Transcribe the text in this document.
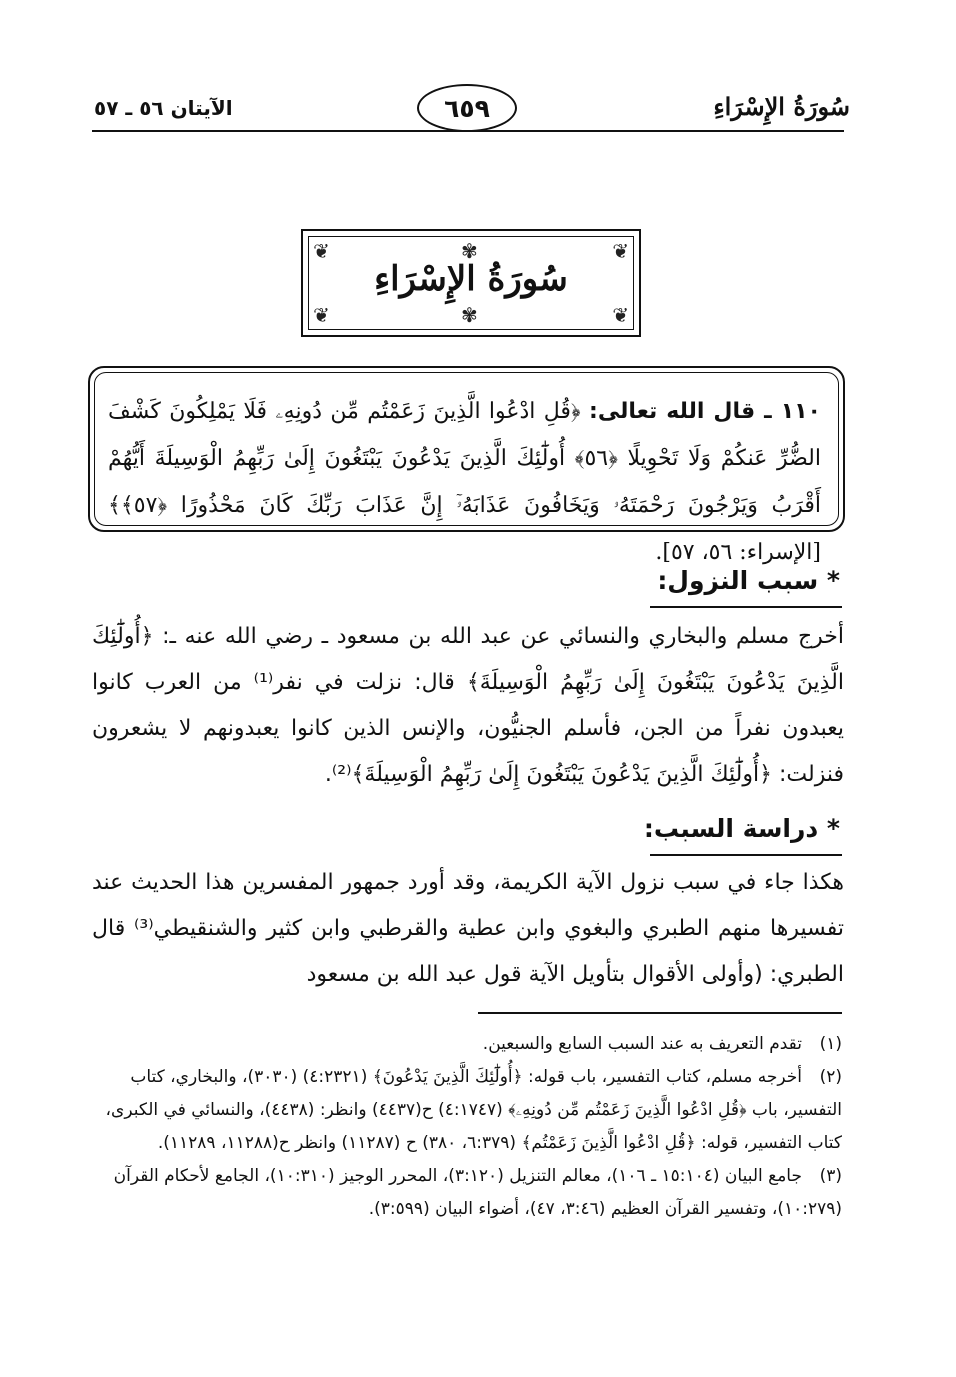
سُورَةُ الإِسْرَاءِ
٦٥٩
الآيتان ٥٦ ـ ٥٧
❦	❦
❦	❦
✾
✾
سُورَةُ الإِسْرَاءِ
١١٠ ـ قال الله تعالى: ﴿قُلِ ادْعُوا الَّذِينَ زَعَمْتُم مِّن دُونِهِۦ فَلَا يَمْلِكُونَ كَشْفَ الضُّرِّ عَنكُمْ وَلَا تَحْوِيلًا ﴿٥٦﴾ أُولَٰٓئِكَ الَّذِينَ يَدْعُونَ يَبْتَغُونَ إِلَىٰ رَبِّهِمُ الْوَسِيلَةَ أَيُّهُمْ أَقْرَبُ وَيَرْجُونَ رَحْمَتَهُۥ وَيَخَافُونَ عَذَابَهُۥٓ إِنَّ عَذَابَ رَبِّكَ كَانَ مَحْذُورًا ﴿٥٧﴾﴾ [الإسراء: ٥٦، ٥٧].
* سبب النزول:
أخرج مسلم والبخاري والنسائي عن عبد الله بن مسعود ـ رضي الله عنه ـ: ﴿أُولَٰٓئِكَ الَّذِينَ يَدْعُونَ يَبْتَغُونَ إِلَىٰ رَبِّهِمُ الْوَسِيلَةَ﴾ قال: نزلت في نفر⁽¹⁾ من العرب كانوا يعبدون نفراً من الجن، فأسلم الجنيُّون، والإنس الذين كانوا يعبدونهم لا يشعرون فنزلت: ﴿أُولَٰٓئِكَ الَّذِينَ يَدْعُونَ يَبْتَغُونَ إِلَىٰ رَبِّهِمُ الْوَسِيلَةَ﴾⁽²⁾.
* دراسة السبب:
هكذا جاء في سبب نزول الآية الكريمة، وقد أورد جمهور المفسرين هذا الحديث عند تفسيرها منهم الطبري والبغوي وابن عطية والقرطبي وابن كثير والشنقيطي⁽³⁾ قال الطبري: (وأولى الأقوال بتأويل الآية قول عبد الله بن مسعود
(١)تقدم التعريف به عند السبب السابع والسبعين.
(٢)أخرجه مسلم، كتاب التفسير، باب قوله: ﴿أُولَٰٓئِكَ الَّذِينَ يَدْعُونَ﴾ (٤:٢٣٢١) (٣٠٣٠)، والبخاري، كتاب التفسير، باب ﴿قُلِ ادْعُوا الَّذِينَ زَعَمْتُم مِّن دُونِهِۦ﴾ (٤:١٧٤٧) ح(٤٤٣٧) وانظر: (٤٤٣٨)، والنسائي في الكبرى، كتاب التفسير، قوله: ﴿قُلِ ادْعُوا الَّذِينَ زَعَمْتُم﴾ (٦:٣٧٩، ٣٨٠) ح (١١٢٨٧) وانظر ح(١١٢٨٨، ١١٢٨٩).
(٣)جامع البيان (١٥:١٠٤ ـ ١٠٦)، معالم التنزيل (٣:١٢٠)، المحرر الوجيز (١٠:٣١٠)، الجامع لأحكام القرآن (١٠:٢٧٩)، وتفسير القرآن العظيم (٣:٤٦، ٤٧)، أضواء البيان (٣:٥٩٩).
